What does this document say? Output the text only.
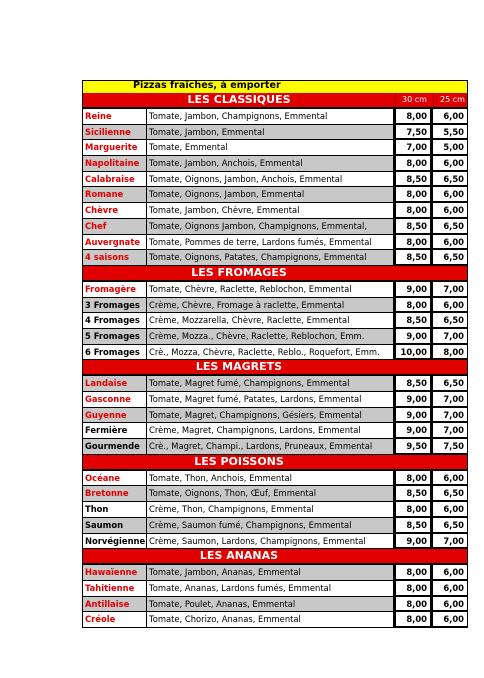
Pizzas fraîches, à emporter
LES CLASSIQUES	30 cm	25 cm
Reine	Tomate, Jambon, Champignons, Emmental	8,00	6,00
Sicilienne	Tomate, Jambon, Emmental	7,50	5,50
Marguerite	Tomate, Emmental	7,00	5,00
Napolitaine	Tomate, Jambon, Anchois, Emmental	8,00	6,00
Calabraise	Tomate, Oignons, Jambon, Anchois, Emmental	8,50	6,50
Romane	Tomate, Oignons, Jambon, Emmental	8,00	6,00
Chèvre	Tomate, Jambon, Chèvre, Emmental	8,00	6,00
Chef	Tomate, Oignons Jambon, Champignons, Emmental,	8,50	6,50
Auvergnate	Tomate, Pommes de terre, Lardons fumés, Emmental	8,00	6,00
4 saisons	Tomate, Oignons, Patates, Champignons, Emmental	8,50	6,50
LES FROMAGES
Fromagère	Tomate, Chèvre, Raclette, Reblochon, Emmental	9,00	7,00
3 Fromages	Crème, Chèvre, Fromage à raclette, Emmental	8,00	6,00
4 Fromages	Crème, Mozzarella, Chèvre, Raclette, Emmental	8,50	6,50
5 Fromages	Crème, Mozza., Chèvre, Raclette, Reblochon, Emm.	9,00	7,00
6 Fromages	Crè., Mozza, Chèvre, Raclette, Reblo., Roquefort, Emm.	10,00	8,00
LES MAGRETS
Landaise	Tomate, Magret fumé, Champignons, Emmental	8,50	6,50
Gasconne	Tomate, Magret fumé, Patates, Lardons, Emmental	9,00	7,00
Guyenne	Tomate, Magret, Champignons, Gésiers, Emmental	9,00	7,00
Fermière	Crème, Magret, Champignons, Lardons, Emmental	9,00	7,00
Gourmende	Crè., Magret, Champi., Lardons, Pruneaux, Emmental	9,50	7,50
LES POISSONS
Océane	Tomate, Thon, Anchois, Emmental	8,00	6,00
Bretonne	Tomate, Oignons, Thon, Œuf, Emmental	8,50	6,50
Thon	Crème, Thon, Champignons, Emmental	8,00	6,00
Saumon	Crème, Saumon fumé, Champignons, Emmental	8,50	6,50
Norvégienne Crème, Saumon, Lardons, Champignons, Emmental	9,00	7,00
LES ANANAS
Hawaïenne	Tomate, Jambon, Ananas, Emmental	8,00	6,00
Tahitienne	Tomate, Ananas, Lardons fumés, Emmental	8,00	6,00
Antillaise	Tomate, Poulet, Ananas, Emmental	8,00	6,00
Créole	Tomate, Chorizo, Ananas, Emmental	8,00	6,00
